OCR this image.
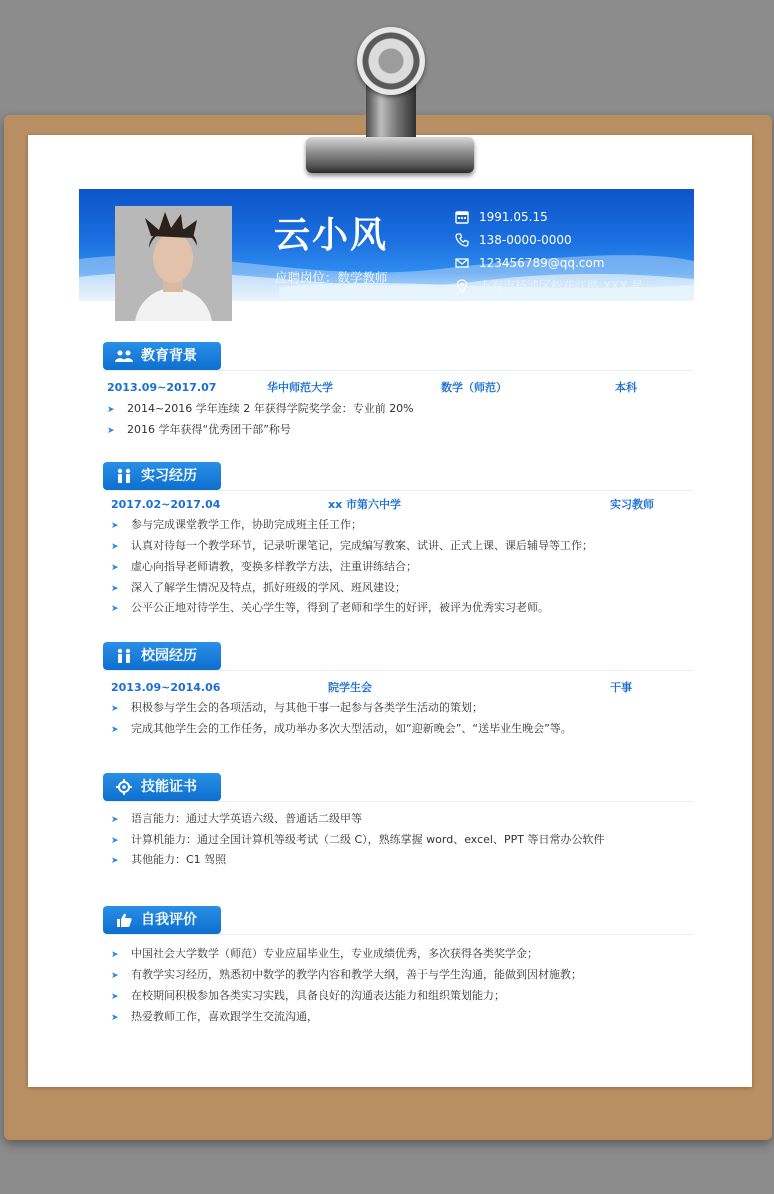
云小风
应聘岗位：数学教师
1991.05.15
138-0000-0000
123456789@qq.com
上海市杨浦区松花江路 XXX 号
教育背景
2013.09~2017.07	华中师范大学	数学（师范）	本科
➤ 2014~2016 学年连续 2 年获得学院奖学金：专业前 20%
➤ 2016 学年获得“优秀团干部”称号
实习经历
2017.02~2017.04	xx 市第六中学	实习教师
➤ 参与完成课堂教学工作，协助完成班主任工作；
➤ 认真对待每一个教学环节，记录听课笔记，完成编写教案、试讲、正式上课、课后辅导等工作；
➤ 虚心向指导老师请教，变换多样教学方法，注重讲练结合；
➤ 深入了解学生情况及特点，抓好班级的学风、班风建设；
➤ 公平公正地对待学生、关心学生等，得到了老师和学生的好评，被评为优秀实习老师。
校园经历
2013.09~2014.06	院学生会	干事
➤ 积极参与学生会的各项活动，与其他干事一起参与各类学生活动的策划；
➤ 完成其他学生会的工作任务，成功举办多次大型活动，如“迎新晚会”、“送毕业生晚会”等。
技能证书
➤ 语言能力：通过大学英语六级、普通话二级甲等
➤ 计算机能力：通过全国计算机等级考试（二级 C），熟练掌握 word、excel、PPT 等日常办公软件
➤ 其他能力：C1 驾照
自我评价
➤ 中国社会大学数学（师范）专业应届毕业生，专业成绩优秀，多次获得各类奖学金；
➤ 有教学实习经历，熟悉初中数学的教学内容和教学大纲，善于与学生沟通，能做到因材施教；
➤ 在校期间积极参加各类实习实践，具备良好的沟通表达能力和组织策划能力；
➤ 热爱教师工作，喜欢跟学生交流沟通，
